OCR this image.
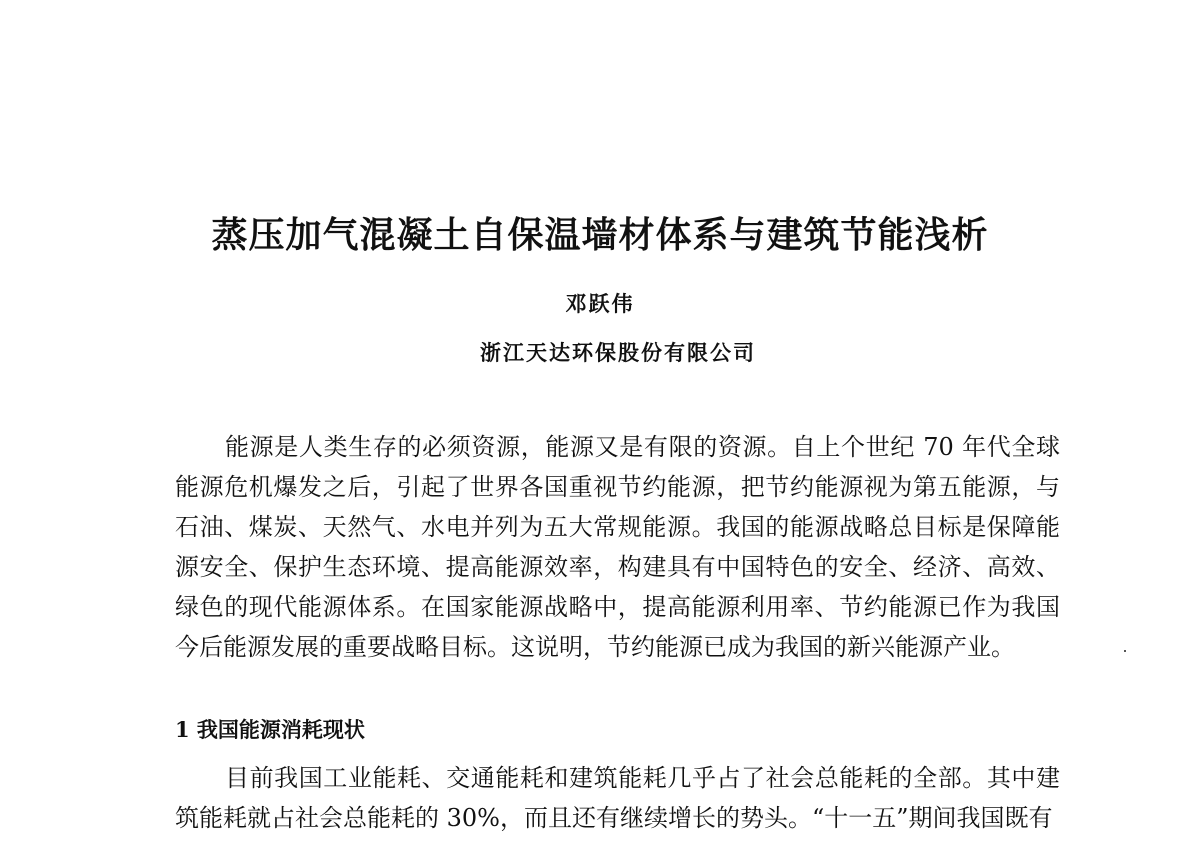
蒸压加气混凝土自保温墙材体系与建筑节能浅析
邓跃伟
浙江天达环保股份有限公司

能源是人类生存的必须资源，能源又是有限的资源。自上个世纪 70 年代全球能源危机爆发之后，引起了世界各国重视节约能源，把节约能源视为第五能源，与石油、煤炭、天然气、水电并列为五大常规能源。我国的能源战略总目标是保障能源安全、保护生态环境、提高能源效率，构建具有中国特色的安全、经济、高效、绿色的现代能源体系。在国家能源战略中，提高能源利用率、节约能源已作为我国今后能源发展的重要战略目标。这说明，节约能源已成为我国的新兴能源产业。

1 我国能源消耗现状

目前我国工业能耗、交通能耗和建筑能耗几乎占了社会总能耗的全部。其中建筑能耗就占社会总能耗的 30%，而且还有继续增长的势头。“十一五”期间我国既有
